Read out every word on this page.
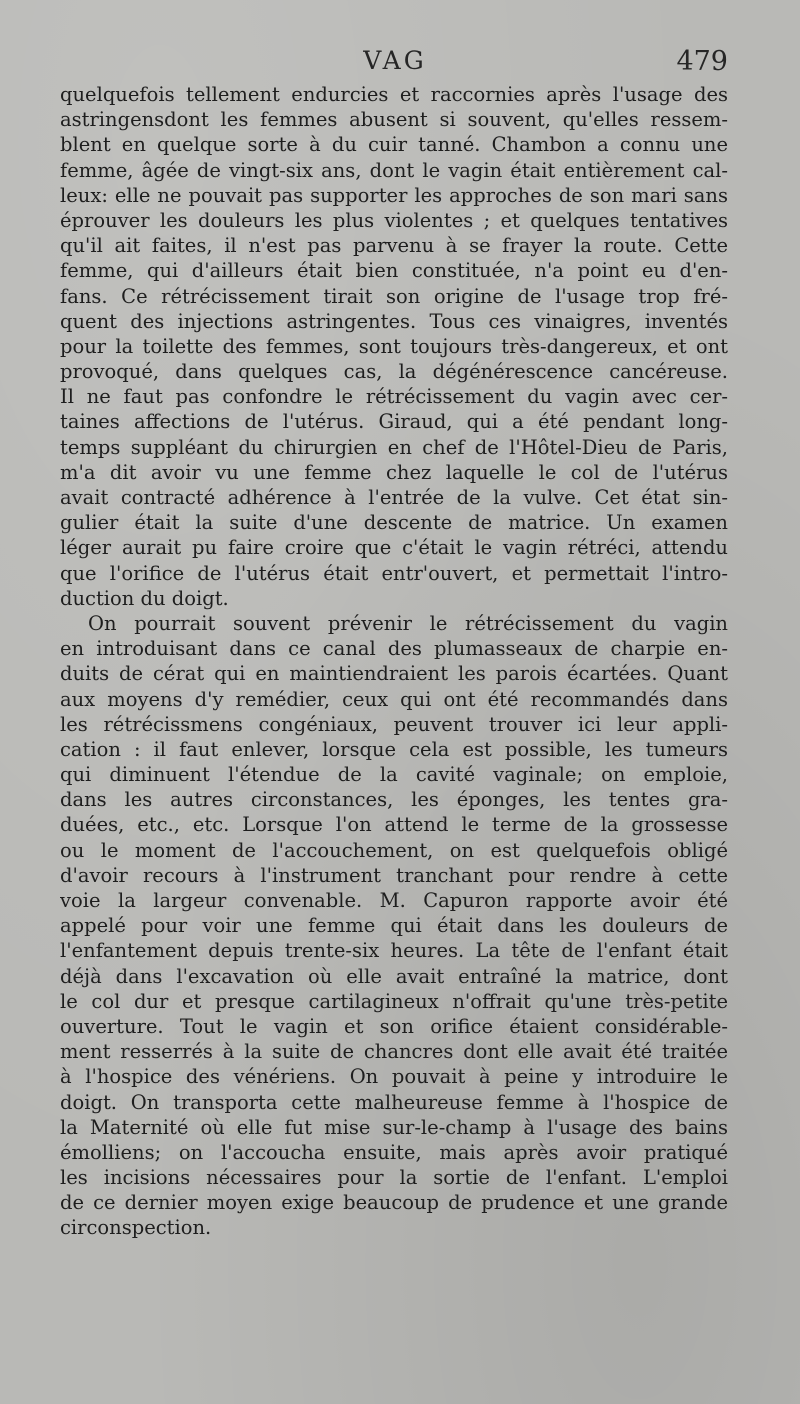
VAG	479
quelquefois tellement endurcies et raccornies après l'usage des
astringensdont les femmes abusent si souvent, qu'elles ressem-
blent en quelque sorte à du cuir tanné. Chambon a connu une
femme, âgée de vingt-six ans, dont le vagin était entièrement cal-
leux: elle ne pouvait pas supporter les approches de son mari sans
éprouver les douleurs les plus violentes ; et quelques tentatives
qu'il ait faites, il n'est pas parvenu à se frayer la route. Cette
femme, qui d'ailleurs était bien constituée, n'a point eu d'en-
fans. Ce rétrécissement tirait son origine de l'usage trop fré-
quent des injections astringentes. Tous ces vinaigres, inventés
pour la toilette des femmes, sont toujours très-dangereux, et ont
provoqué, dans quelques cas, la dégénérescence cancéreuse.
Il ne faut pas confondre le rétrécissement du vagin avec cer-
taines affections de l'utérus. Giraud, qui a été pendant long-
temps suppléant du chirurgien en chef de l'Hôtel-Dieu de Paris,
m'a dit avoir vu une femme chez laquelle le col de l'utérus
avait contracté adhérence à l'entrée de la vulve. Cet état sin-
gulier était la suite d'une descente de matrice. Un examen
léger aurait pu faire croire que c'était le vagin rétréci, attendu
que l'orifice de l'utérus était entr'ouvert, et permettait l'intro-
duction du doigt.
On pourrait souvent prévenir le rétrécissement du vagin
en introduisant dans ce canal des plumasseaux de charpie en-
duits de cérat qui en maintiendraient les parois écartées. Quant
aux moyens d'y remédier, ceux qui ont été recommandés dans
les rétrécissmens congéniaux, peuvent trouver ici leur appli-
cation : il faut enlever, lorsque cela est possible, les tumeurs
qui diminuent l'étendue de la cavité vaginale; on emploie,
dans les autres circonstances, les éponges, les tentes gra-
duées, etc., etc. Lorsque l'on attend le terme de la grossesse
ou le moment de l'accouchement, on est quelquefois obligé
d'avoir recours à l'instrument tranchant pour rendre à cette
voie la largeur convenable. M. Capuron rapporte avoir été
appelé pour voir une femme qui était dans les douleurs de
l'enfantement depuis trente-six heures. La tête de l'enfant était
déjà dans l'excavation où elle avait entraîné la matrice, dont
le col dur et presque cartilagineux n'offrait qu'une très-petite
ouverture. Tout le vagin et son orifice étaient considérable-
ment resserrés à la suite de chancres dont elle avait été traitée
à l'hospice des vénériens. On pouvait à peine y introduire le
doigt. On transporta cette malheureuse femme à l'hospice de
la Maternité où elle fut mise sur-le-champ à l'usage des bains
émolliens; on l'accoucha ensuite, mais après avoir pratiqué
les incisions nécessaires pour la sortie de l'enfant. L'emploi
de ce dernier moyen exige beaucoup de prudence et une grande
circonspection.
